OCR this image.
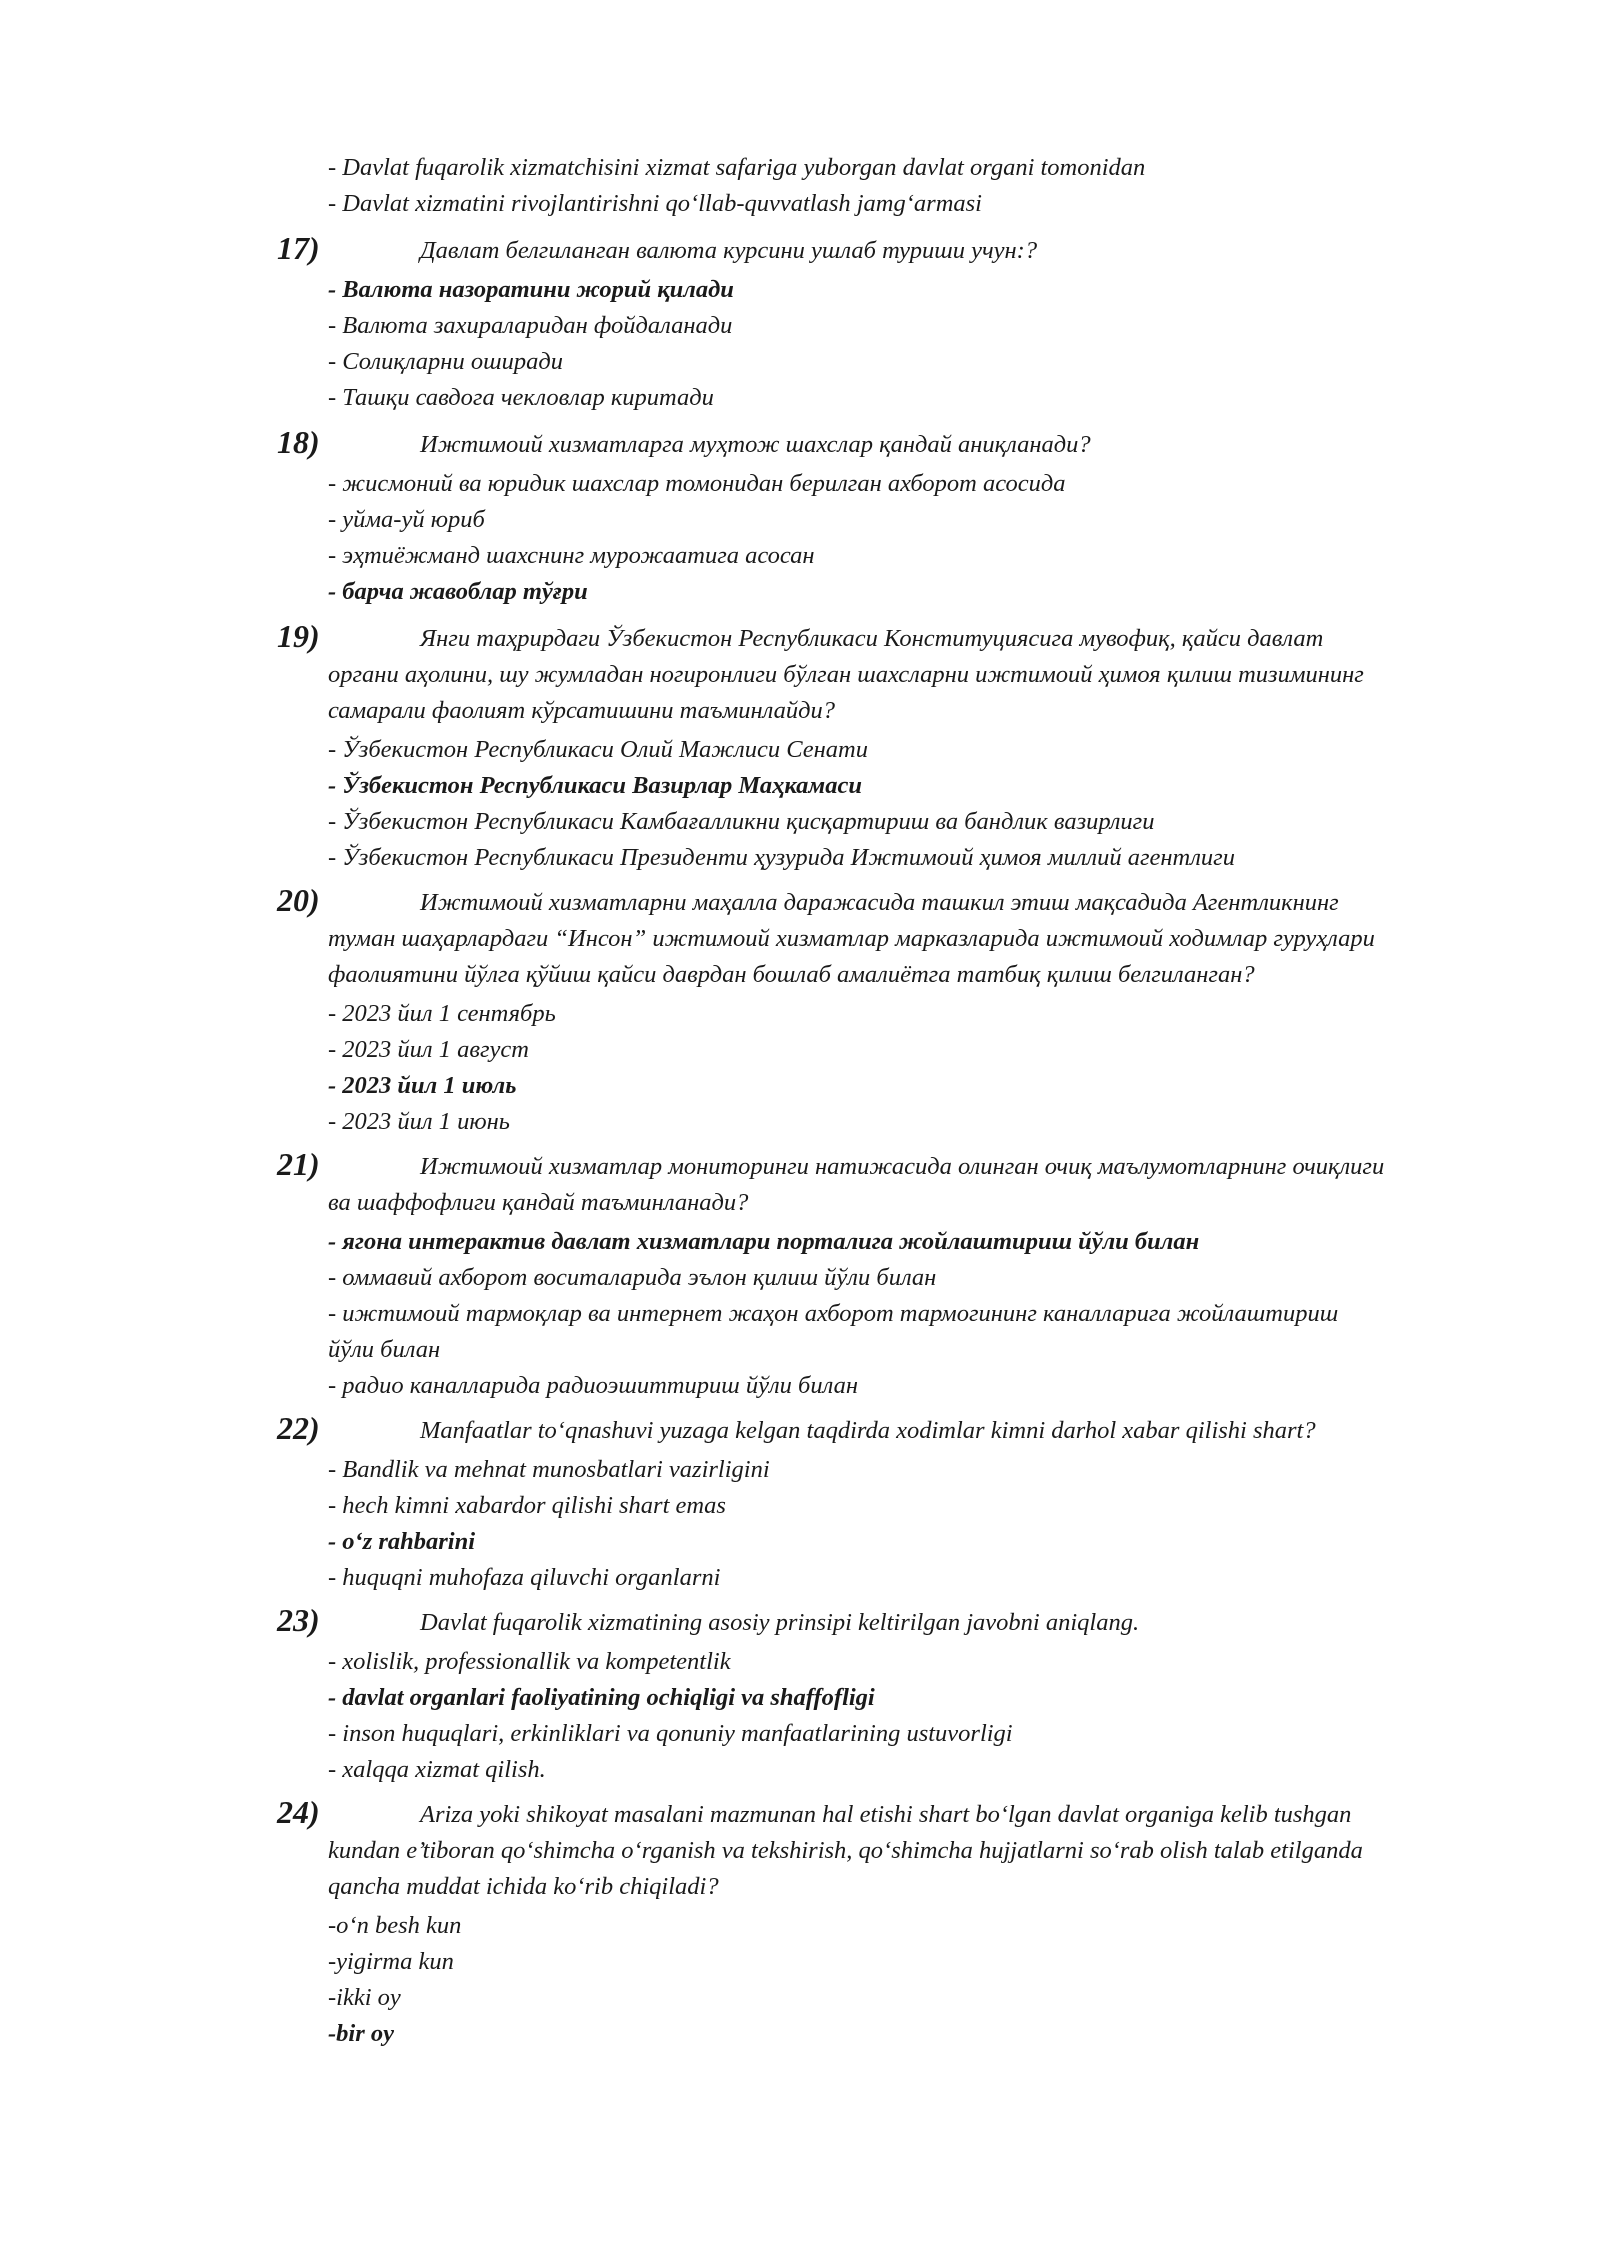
- Davlat fuqarolik xizmatchisini xizmat safariga yuborgan davlat organi tomonidan
- Davlat xizmatini rivojlantirishni qo‘llab-quvvatlash jamg‘armasi
17)	Давлат белгиланган валюта курсини ушлаб туриши учун:?
- Валюта назоратини жорий қилади
- Валюта захираларидан фойдаланади
- Солиқларни оширади
- Ташқи савдога чекловлар киритади
18)	Ижтимоий хизматларга муҳтож шахслар қандай аниқланади?
- жисмоний ва юридик шахслар томонидан берилган ахборот асосида
- уйма-уй юриб
- эҳтиёжманд шахснинг мурожаатига асосан
- барча жавоблар тўғри
19)	Янги таҳрирдаги Ўзбекистон Республикаси Конституциясига мувофиқ, қайси давлат
органи аҳолини, шу жумладан ногиронлиги бўлган шахсларни ижтимоий ҳимоя қилиш тизимининг
самарали фаолият кўрсатишини таъминлайди?
- Ўзбекистон Республикаси Олий Мажлиси Сенати
- Ўзбекистон Республикаси Вазирлар Маҳкамаси
- Ўзбекистон Республикаси Камбағалликни қисқартириш ва бандлик вазирлиги
- Ўзбекистон Республикаси Президенти ҳузурида Ижтимоий ҳимоя миллий агентлиги
20)	Ижтимоий хизматларни маҳалла даражасида ташкил этиш мақсадида Агентликнинг
туман шаҳарлардаги “Инсон” ижтимоий хизматлар марказларида ижтимоий ходимлар гуруҳлари
фаолиятини йўлга қўйиш қайси даврдан бошлаб амалиётга татбиқ қилиш белгиланган?
- 2023 йил 1 сентябрь
- 2023 йил 1 август
- 2023 йил 1 июль
- 2023 йил 1 июнь
21)	Ижтимоий хизматлар мониторинги натижасида олинган очиқ маълумотларнинг очиқлиги
ва шаффофлиги қандай таъминланади?
- ягона интерактив давлат хизматлари порталига жойлаштириш йўли билан
- оммавий ахборот воситаларида эълон қилиш йўли билан
- ижтимоий тармоқлар ва интернет жаҳон ахборот тармогининг каналларига жойлаштириш
йўли билан
- радио каналларида радиоэшиттириш йўли билан
22)	Manfaatlar to‘qnashuvi yuzaga kelgan taqdirda xodimlar kimni darhol xabar qilishi shart?
- Bandlik va mehnat munosbatlari vazirligini
- hech kimni xabardor qilishi shart emas
- o‘z rahbarini
- huquqni muhofaza qiluvchi organlarni
23)	Davlat fuqarolik xizmatining asosiy prinsipi keltirilgan javobni aniqlang.
- xolislik, professionallik va kompetentlik
- davlat organlari faoliyatining ochiqligi va shaffofligi
- inson huquqlari, erkinliklari va qonuniy manfaatlarining ustuvorligi
- xalqqa xizmat qilish.
24)	Ariza yoki shikoyat masalani mazmunan hal etishi shart bo‘lgan davlat organiga kelib tushgan
kundan e’tiboran qo‘shimcha o‘rganish va tekshirish, qo‘shimcha hujjatlarni so‘rab olish talab etilganda
qancha muddat ichida ko‘rib chiqiladi?
-o‘n besh kun
-yigirma kun
-ikki oy
-bir oy
